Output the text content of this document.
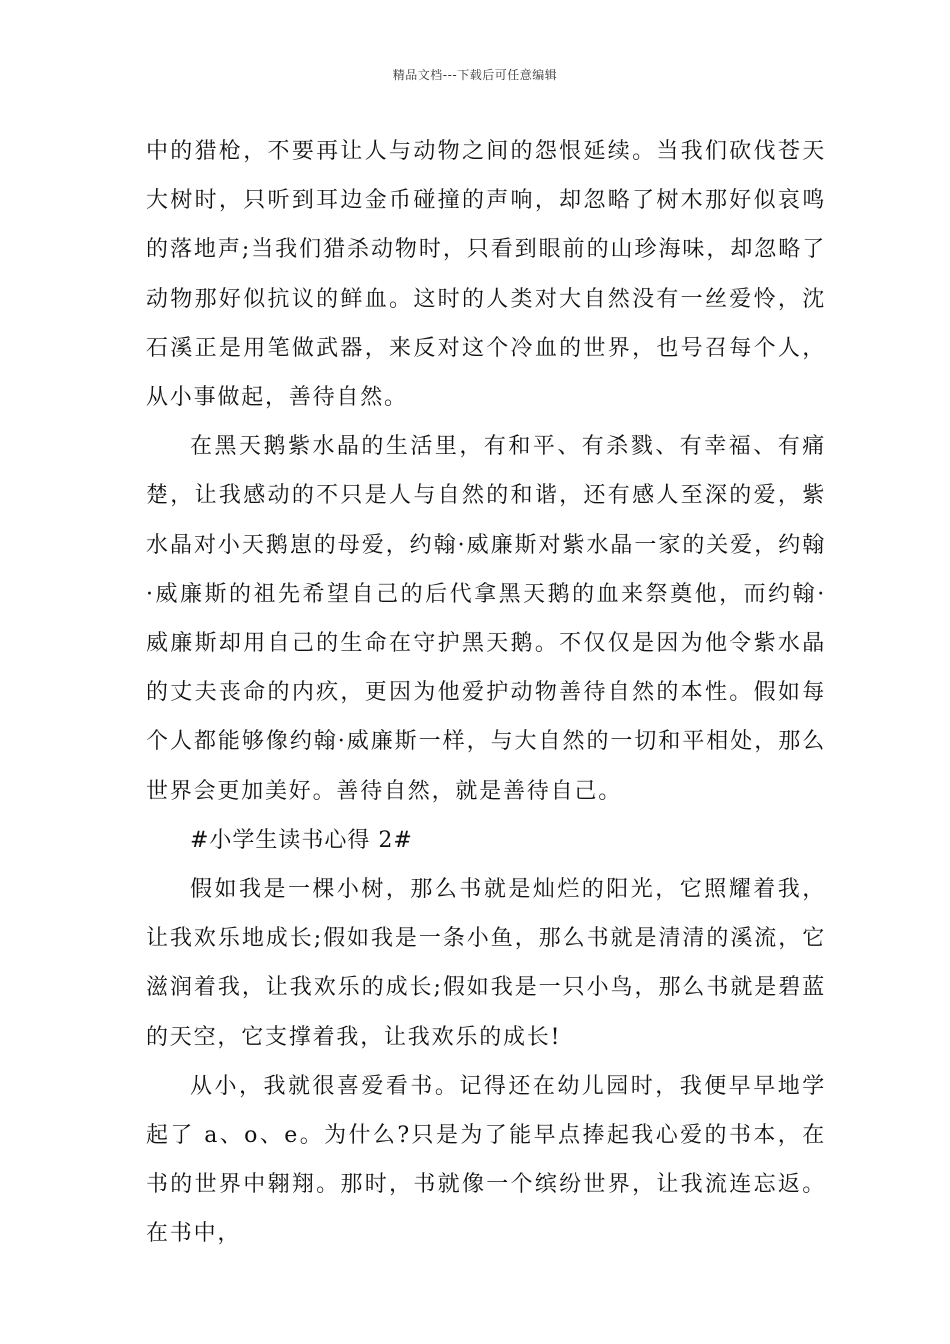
精品文档---下载后可任意编辑

中的猎枪，不要再让人与动物之间的怨恨延续。当我们砍伐苍天大树时，只听到耳边金币碰撞的声响，却忽略了树木那好似哀鸣的落地声;当我们猎杀动物时，只看到眼前的山珍海味，却忽略了动物那好似抗议的鲜血。这时的人类对大自然没有一丝爱怜，沈石溪正是用笔做武器，来反对这个冷血的世界，也号召每个人，从小事做起，善待自然。

在黑天鹅紫水晶的生活里，有和平、有杀戮、有幸福、有痛楚，让我感动的不只是人与自然的和谐，还有感人至深的爱，紫水晶对小天鹅崽的母爱，约翰·威廉斯对紫水晶一家的关爱，约翰·威廉斯的祖先希望自己的后代拿黑天鹅的血来祭奠他，而约翰·威廉斯却用自己的生命在守护黑天鹅。不仅仅是因为他令紫水晶的丈夫丧命的内疚，更因为他爱护动物善待自然的本性。假如每个人都能够像约翰·威廉斯一样，与大自然的一切和平相处，那么世界会更加美好。善待自然，就是善待自己。

#小学生读书心得 2#

假如我是一棵小树，那么书就是灿烂的阳光，它照耀着我，让我欢乐地成长;假如我是一条小鱼，那么书就是清清的溪流，它滋润着我，让我欢乐的成长;假如我是一只小鸟，那么书就是碧蓝的天空，它支撑着我，让我欢乐的成长!

从小，我就很喜爱看书。记得还在幼儿园时，我便早早地学起了 a、o、e。为什么?只是为了能早点捧起我心爱的书本，在书的世界中翱翔。那时，书就像一个缤纷世界，让我流连忘返。在书中，
